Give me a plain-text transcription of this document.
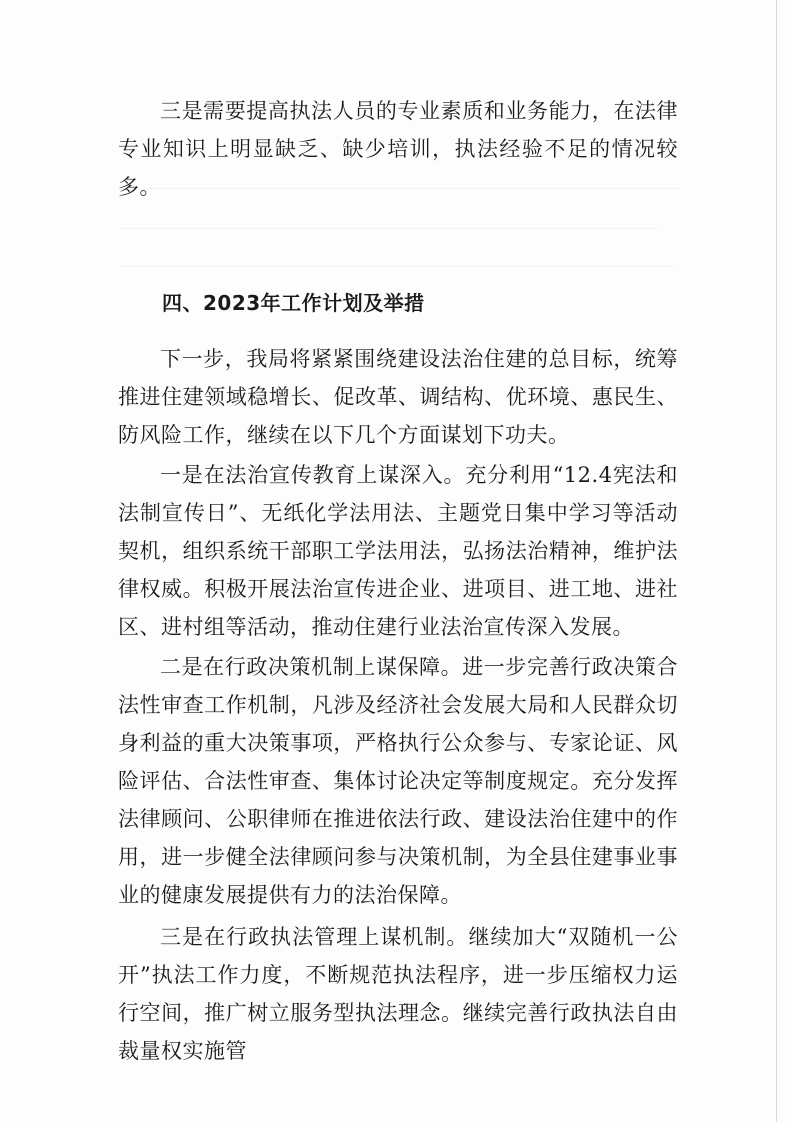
三是需要提高执法人员的专业素质和业务能力，在法律专业知识上明显缺乏、缺少培训，执法经验不足的情况较多。

四、2023年工作计划及举措

下一步，我局将紧紧围绕建设法治住建的总目标，统筹推进住建领域稳增长、促改革、调结构、优环境、惠民生、防风险工作，继续在以下几个方面谋划下功夫。

一是在法治宣传教育上谋深入。充分利用“12.4宪法和法制宣传日”、无纸化学法用法、主题党日集中学习等活动契机，组织系统干部职工学法用法，弘扬法治精神，维护法律权威。积极开展法治宣传进企业、进项目、进工地、进社区、进村组等活动，推动住建行业法治宣传深入发展。

二是在行政决策机制上谋保障。进一步完善行政决策合法性审查工作机制，凡涉及经济社会发展大局和人民群众切身利益的重大决策事项，严格执行公众参与、专家论证、风险评估、合法性审查、集体讨论决定等制度规定。充分发挥法律顾问、公职律师在推进依法行政、建设法治住建中的作用，进一步健全法律顾问参与决策机制，为全县住建事业事业的健康发展提供有力的法治保障。

三是在行政执法管理上谋机制。继续加大“双随机一公开”执法工作力度，不断规范执法程序，进一步压缩权力运行空间，推广树立服务型执法理念。继续完善行政执法自由裁量权实施管
